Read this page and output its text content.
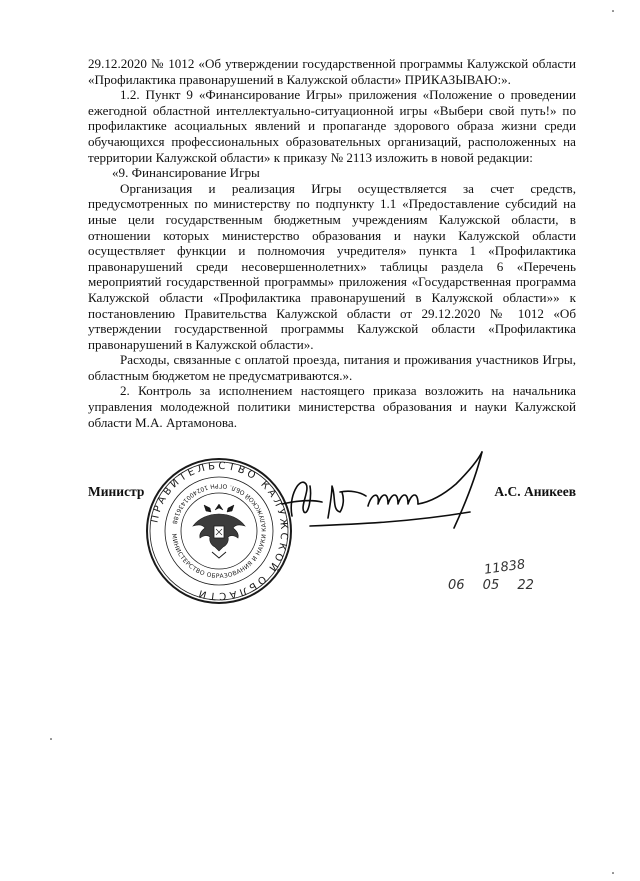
29.12.2020 № 1012 «Об утверждении государственной программы Калужской области «Профилактика правонарушений в Калужской области» ПРИКАЗЫВАЮ:».

1.2. Пункт 9 «Финансирование Игры» приложения «Положение о проведении ежегодной областной интеллектуально-ситуационной игры «Выбери свой путь!» по профилактике асоциальных явлений и пропаганде здорового образа жизни среди обучающихся профессиональных образовательных организаций, расположенных на территории Калужской области» к приказу № 2113 изложить в новой редакции:

«9. Финансирование Игры

Организация и реализация Игры осуществляется за счет средств, предусмотренных по министерству по подпункту 1.1 «Предоставление субсидий на иные цели государственным бюджетным учреждениям Калужской области, в отношении которых министерство образования и науки Калужской области осуществляет функции и полномочия учредителя» пункта 1 «Профилактика правонарушений среди несовершеннолетних» таблицы раздела 6 «Перечень мероприятий государственной программы» приложения «Государственная программа Калужской области «Профилактика правонарушений в Калужской области»» к постановлению Правительства Калужской области от 29.12.2020 № 1012 «Об утверждении государственной программы Калужской области «Профилактика правонарушений в Калужской области».

Расходы, связанные с оплатой проезда, питания и проживания участников Игры, областным бюджетом не предусматриваются.».

2. Контроль за исполнением настоящего приказа возложить на начальника управления молодежной политики министерства образования и науки Калужской области М.А. Артамонова.

Министр
ПРАВИТЕЛЬСТВО КАЛУЖСКОЙ ОБЛАСТИ
МИНИСТЕРСТВО ОБРАЗОВАНИЯ И НАУКИ КАЛУЖСКОЙ ОБЛ. ОГРН 1024001436188
А.С. Аникеев
11838
06 05 22
